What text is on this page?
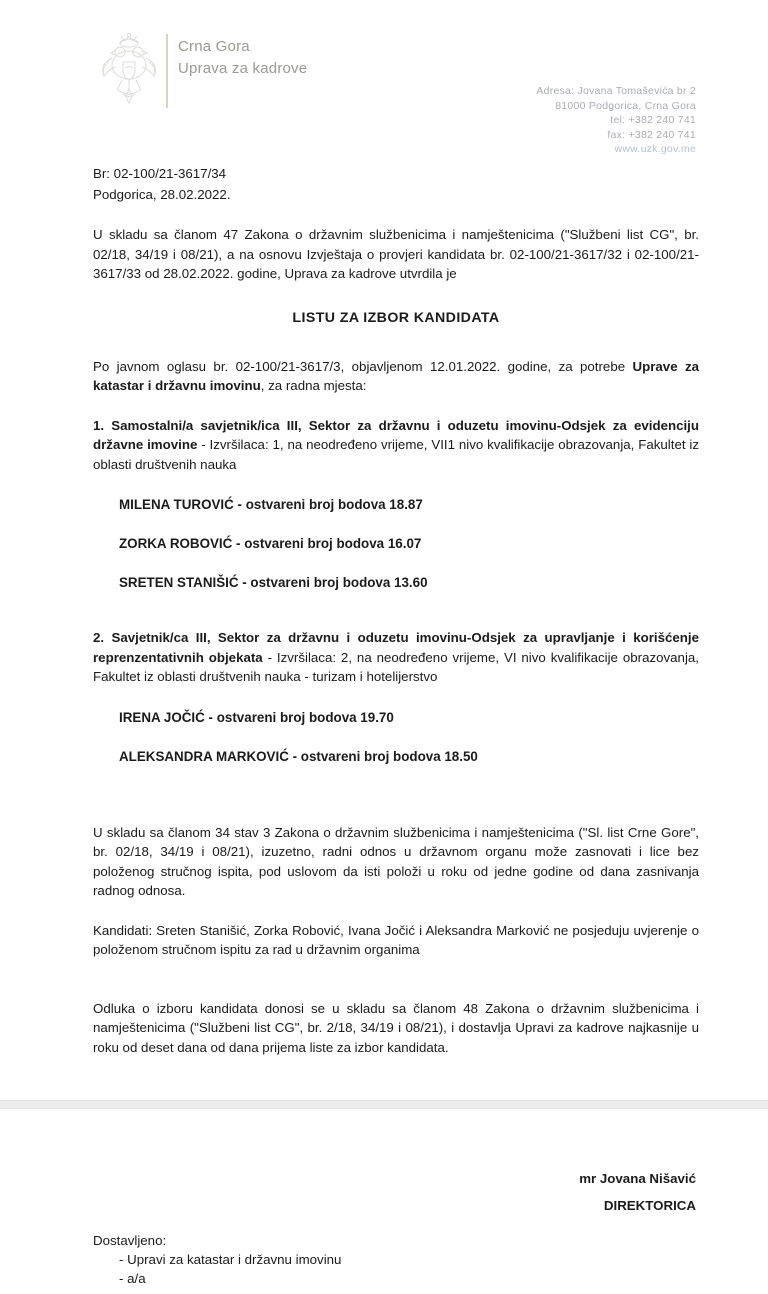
Crna Gora
Uprava za kadrove
Adresa: Jovana Tomaševića br 2
81000 Podgorica, Crna Gora
tel: +382 240 741
fax: +382 240 741
www.uzk.gov.me
Br: 02-100/21-3617/34
Podgorica, 28.02.2022.

U skladu sa članom 47 Zakona o državnim službenicima i namještenicima ("Službeni list CG", br. 02/18, 34/19 i 08/21), a na osnovu Izvještaja o provjeri kandidata br. 02-100/21-3617/32 i 02-100/21-3617/33 od 28.02.2022. godine, Uprava za kadrove utvrdila je

LISTU ZA IZBOR KANDIDATA

Po javnom oglasu br. 02-100/21-3617/3, objavljenom 12.01.2022. godine, za potrebe Uprave za katastar i državnu imovinu, za radna mjesta:

1. Samostalni/a savjetnik/ica III, Sektor za državnu i oduzetu imovinu-Odsjek za evidenciju državne imovine - Izvršilaca: 1, na neodređeno vrijeme, VII1 nivo kvalifikacije obrazovanja, Fakultet iz oblasti društvenih nauka
MILENA TUROVIĆ - ostvareni broj bodova 18.87
ZORKA ROBOVIĆ - ostvareni broj bodova 16.07
SRETEN STANIŠIĆ - ostvareni broj bodova 13.60
2. Savjetnik/ca III, Sektor za državnu i oduzetu imovinu-Odsjek za upravljanje i korišćenje reprenzentativnih objekata - Izvršilaca: 2, na neodređeno vrijeme, VI nivo kvalifikacije obrazovanja, Fakultet iz oblasti društvenih nauka - turizam i hotelijerstvo
IRENA JOČIĆ - ostvareni broj bodova 19.70
ALEKSANDRA MARKOVIĆ - ostvareni broj bodova 18.50

U skladu sa članom 34 stav 3 Zakona o državnim službenicima i namještenicima ("Sl. list Crne Gore", br. 02/18, 34/19 i 08/21), izuzetno, radni odnos u državnom organu može zasnovati i lice bez položenog stručnog ispita, pod uslovom da isti položi u roku od jedne godine od dana zasnivanja radnog odnosa.

Kandidati: Sreten Stanišić, Zorka Robović, Ivana Jočić i Aleksandra Marković ne posjeduju uvjerenje o položenom stručnom ispitu za rad u državnim organima

Odluka o izboru kandidata donosi se u skladu sa članom 48 Zakona o državnim službenicima i namještenicima ("Službeni list CG", br. 2/18, 34/19 i 08/21), i dostavlja Upravi za kadrove najkasnije u roku od deset dana od dana prijema liste za izbor kandidata.

mr Jovana Nišavić
DIREKTORICA
Dostavljeno:
- Upravi za katastar i državnu imovinu
- a/a
